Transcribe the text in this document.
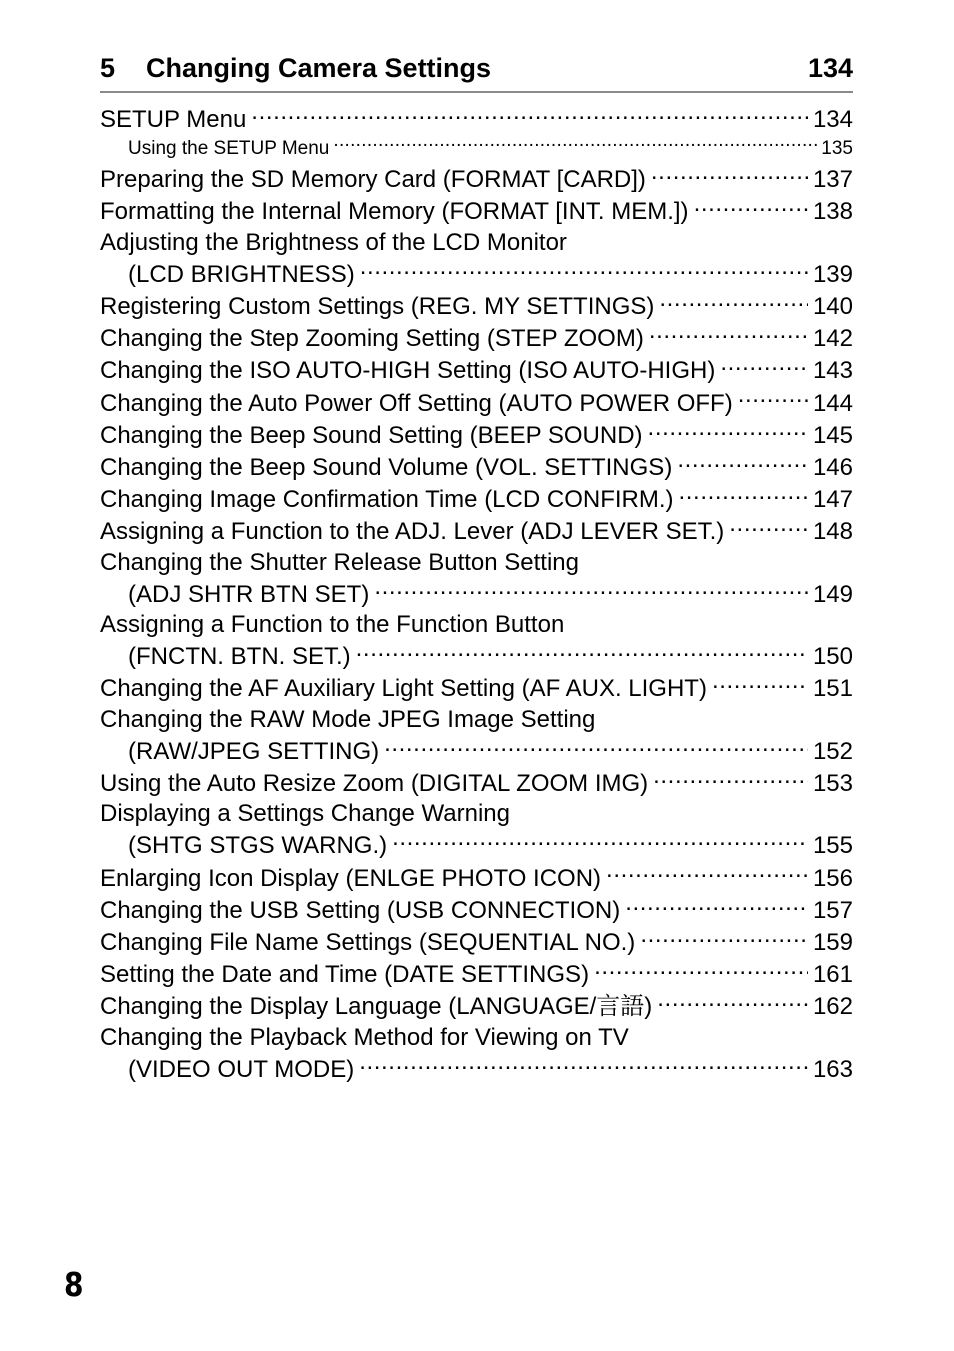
5 Changing Camera Settings	134
SETUP Menu .....	134
Using the SETUP Menu .....	135
Preparing the SD Memory Card (FORMAT [CARD]) .....	137
Formatting the Internal Memory (FORMAT [INT. MEM.]) .....	138
Adjusting the Brightness of the LCD Monitor
(LCD BRIGHTNESS) .....	139
Registering Custom Settings (REG. MY SETTINGS) .....	140
Changing the Step Zooming Setting (STEP ZOOM) .....	142
Changing the ISO AUTO-HIGH Setting (ISO AUTO-HIGH) .....	143
Changing the Auto Power Off Setting (AUTO POWER OFF) .....	144
Changing the Beep Sound Setting (BEEP SOUND) .....	145
Changing the Beep Sound Volume (VOL. SETTINGS) .....	146
Changing Image Confirmation Time (LCD CONFIRM.) .....	147
Assigning a Function to the ADJ. Lever (ADJ LEVER SET.) .....	148
Changing the Shutter Release Button Setting
(ADJ SHTR BTN SET) .....	149
Assigning a Function to the Function Button
(FNCTN. BTN. SET.) .....	150
Changing the AF Auxiliary Light Setting (AF AUX. LIGHT) .....	151
Changing the RAW Mode JPEG Image Setting
(RAW/JPEG SETTING) .....	152
Using the Auto Resize Zoom (DIGITAL ZOOM IMG) .....	153
Displaying a Settings Change Warning
(SHTG STGS WARNG.) .....	155
Enlarging Icon Display (ENLGE PHOTO ICON) .....	156
Changing the USB Setting (USB CONNECTION) .....	157
Changing File Name Settings (SEQUENTIAL NO.) .....	159
Setting the Date and Time (DATE SETTINGS) .....	161
Changing the Display Language (LANGUAGE/言語) .....	162
Changing the Playback Method for Viewing on TV
(VIDEO OUT MODE) .....	163
8
